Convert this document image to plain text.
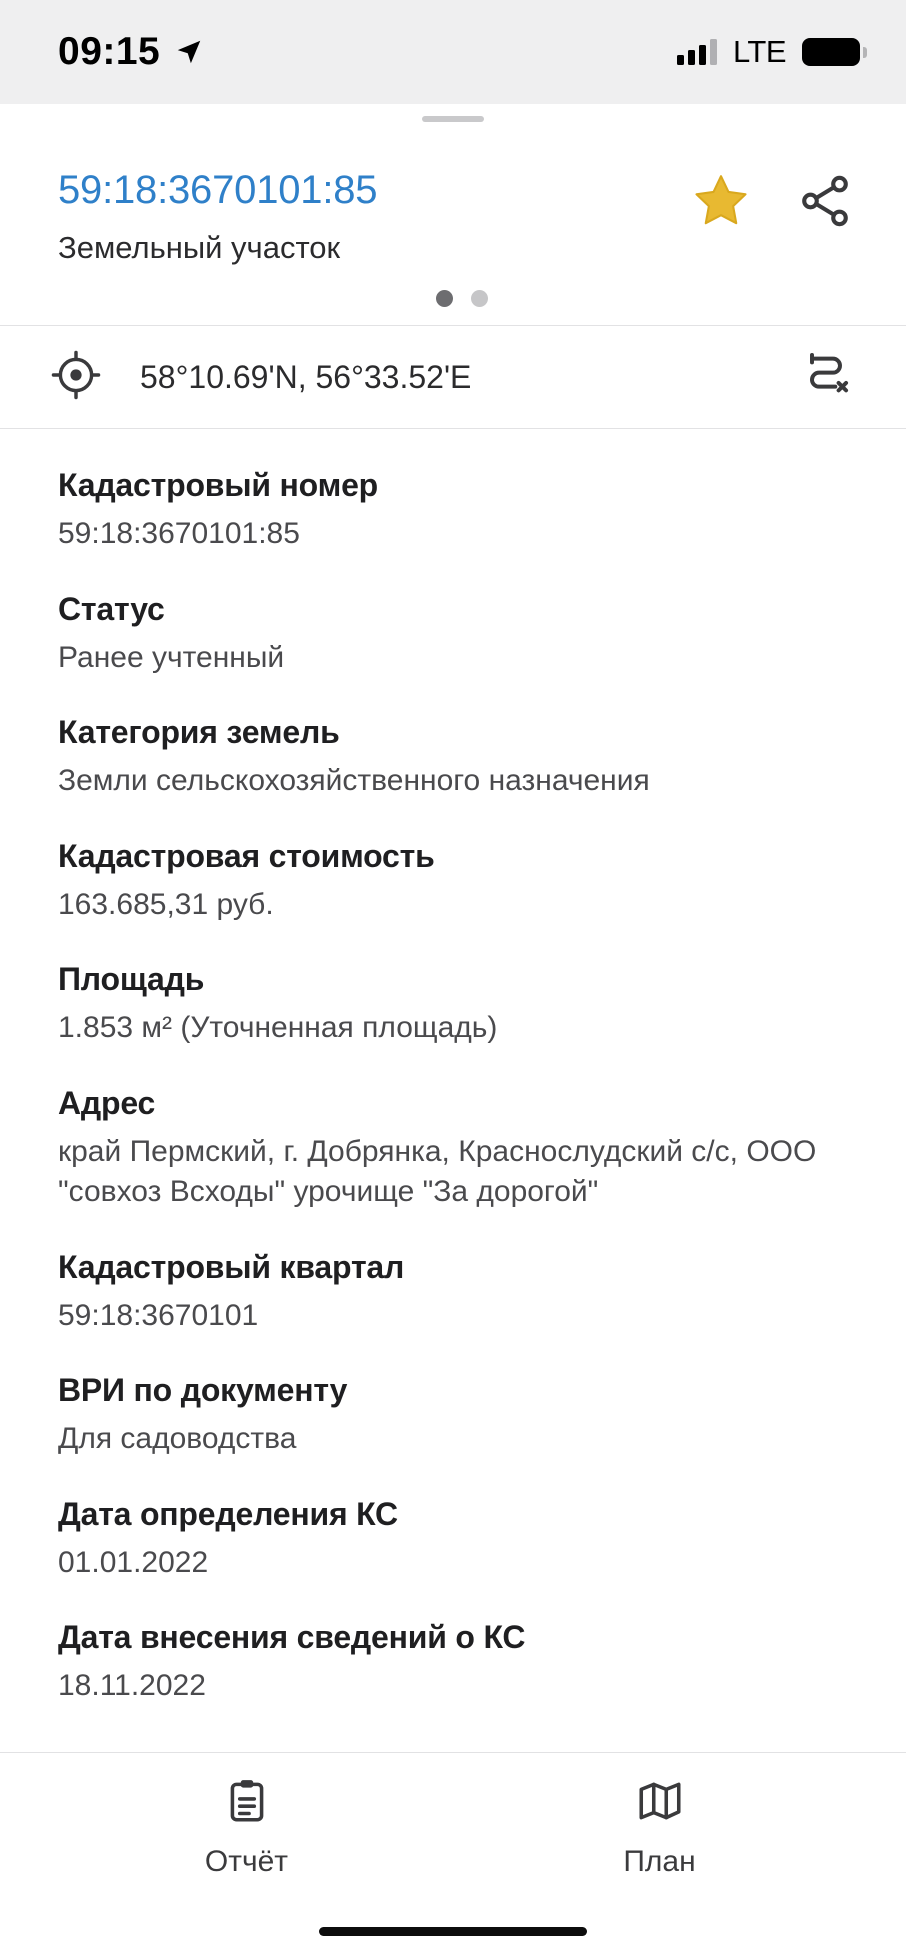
09:15	LTE
59:18:3670101:85
Земельный участок
58°10.69'N, 56°33.52'E
Кадастровый номер
59:18:3670101:85
Статус
Ранее учтенный
Категория земель
Земли сельскохозяйственного назначения
Кадастровая стоимость
163.685,31 руб.
Площадь
1.853 м² (Уточненная площадь)
Адрес
край Пермский, г. Добрянка, Краснослудский с/с, ООО "совхоз Всходы" урочище "За дорогой"
Кадастровый квартал
59:18:3670101
ВРИ по документу
Для садоводства
Дата определения КС
01.01.2022
Дата внесения сведений о КС
18.11.2022
Отчёт	План
